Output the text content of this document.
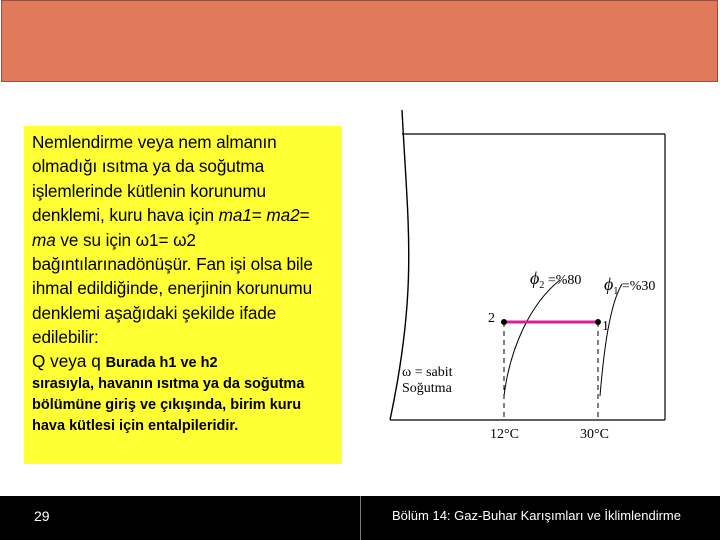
Nemlendirme veya nem almanın olmadığı ısıtma ya da soğutma işlemlerinde kütlenin korunumu denklemi, kuru hava için ma1= ma2= ma ve su için ω1= ω2 bağıntılarınadönüşür. Fan işi olsa bile ihmal edildiğinde, enerjinin korunumu denklemi aşağıdaki şekilde ifade edilebilir:

Q veya q Burada h1 ve h2

sırasıyla, havanın ısıtma ya da soğutma bölümüne giriş ve çıkışında, birim kuru hava kütlesi için entalpileridir.

$\phi_2 =\%80$ $\phi_1 =\%30$
2
1
ω = sabit
Soğutma
12°C	30°C
29	Bölüm 14: Gaz-Buhar Karışımları ve İklimlendirme
